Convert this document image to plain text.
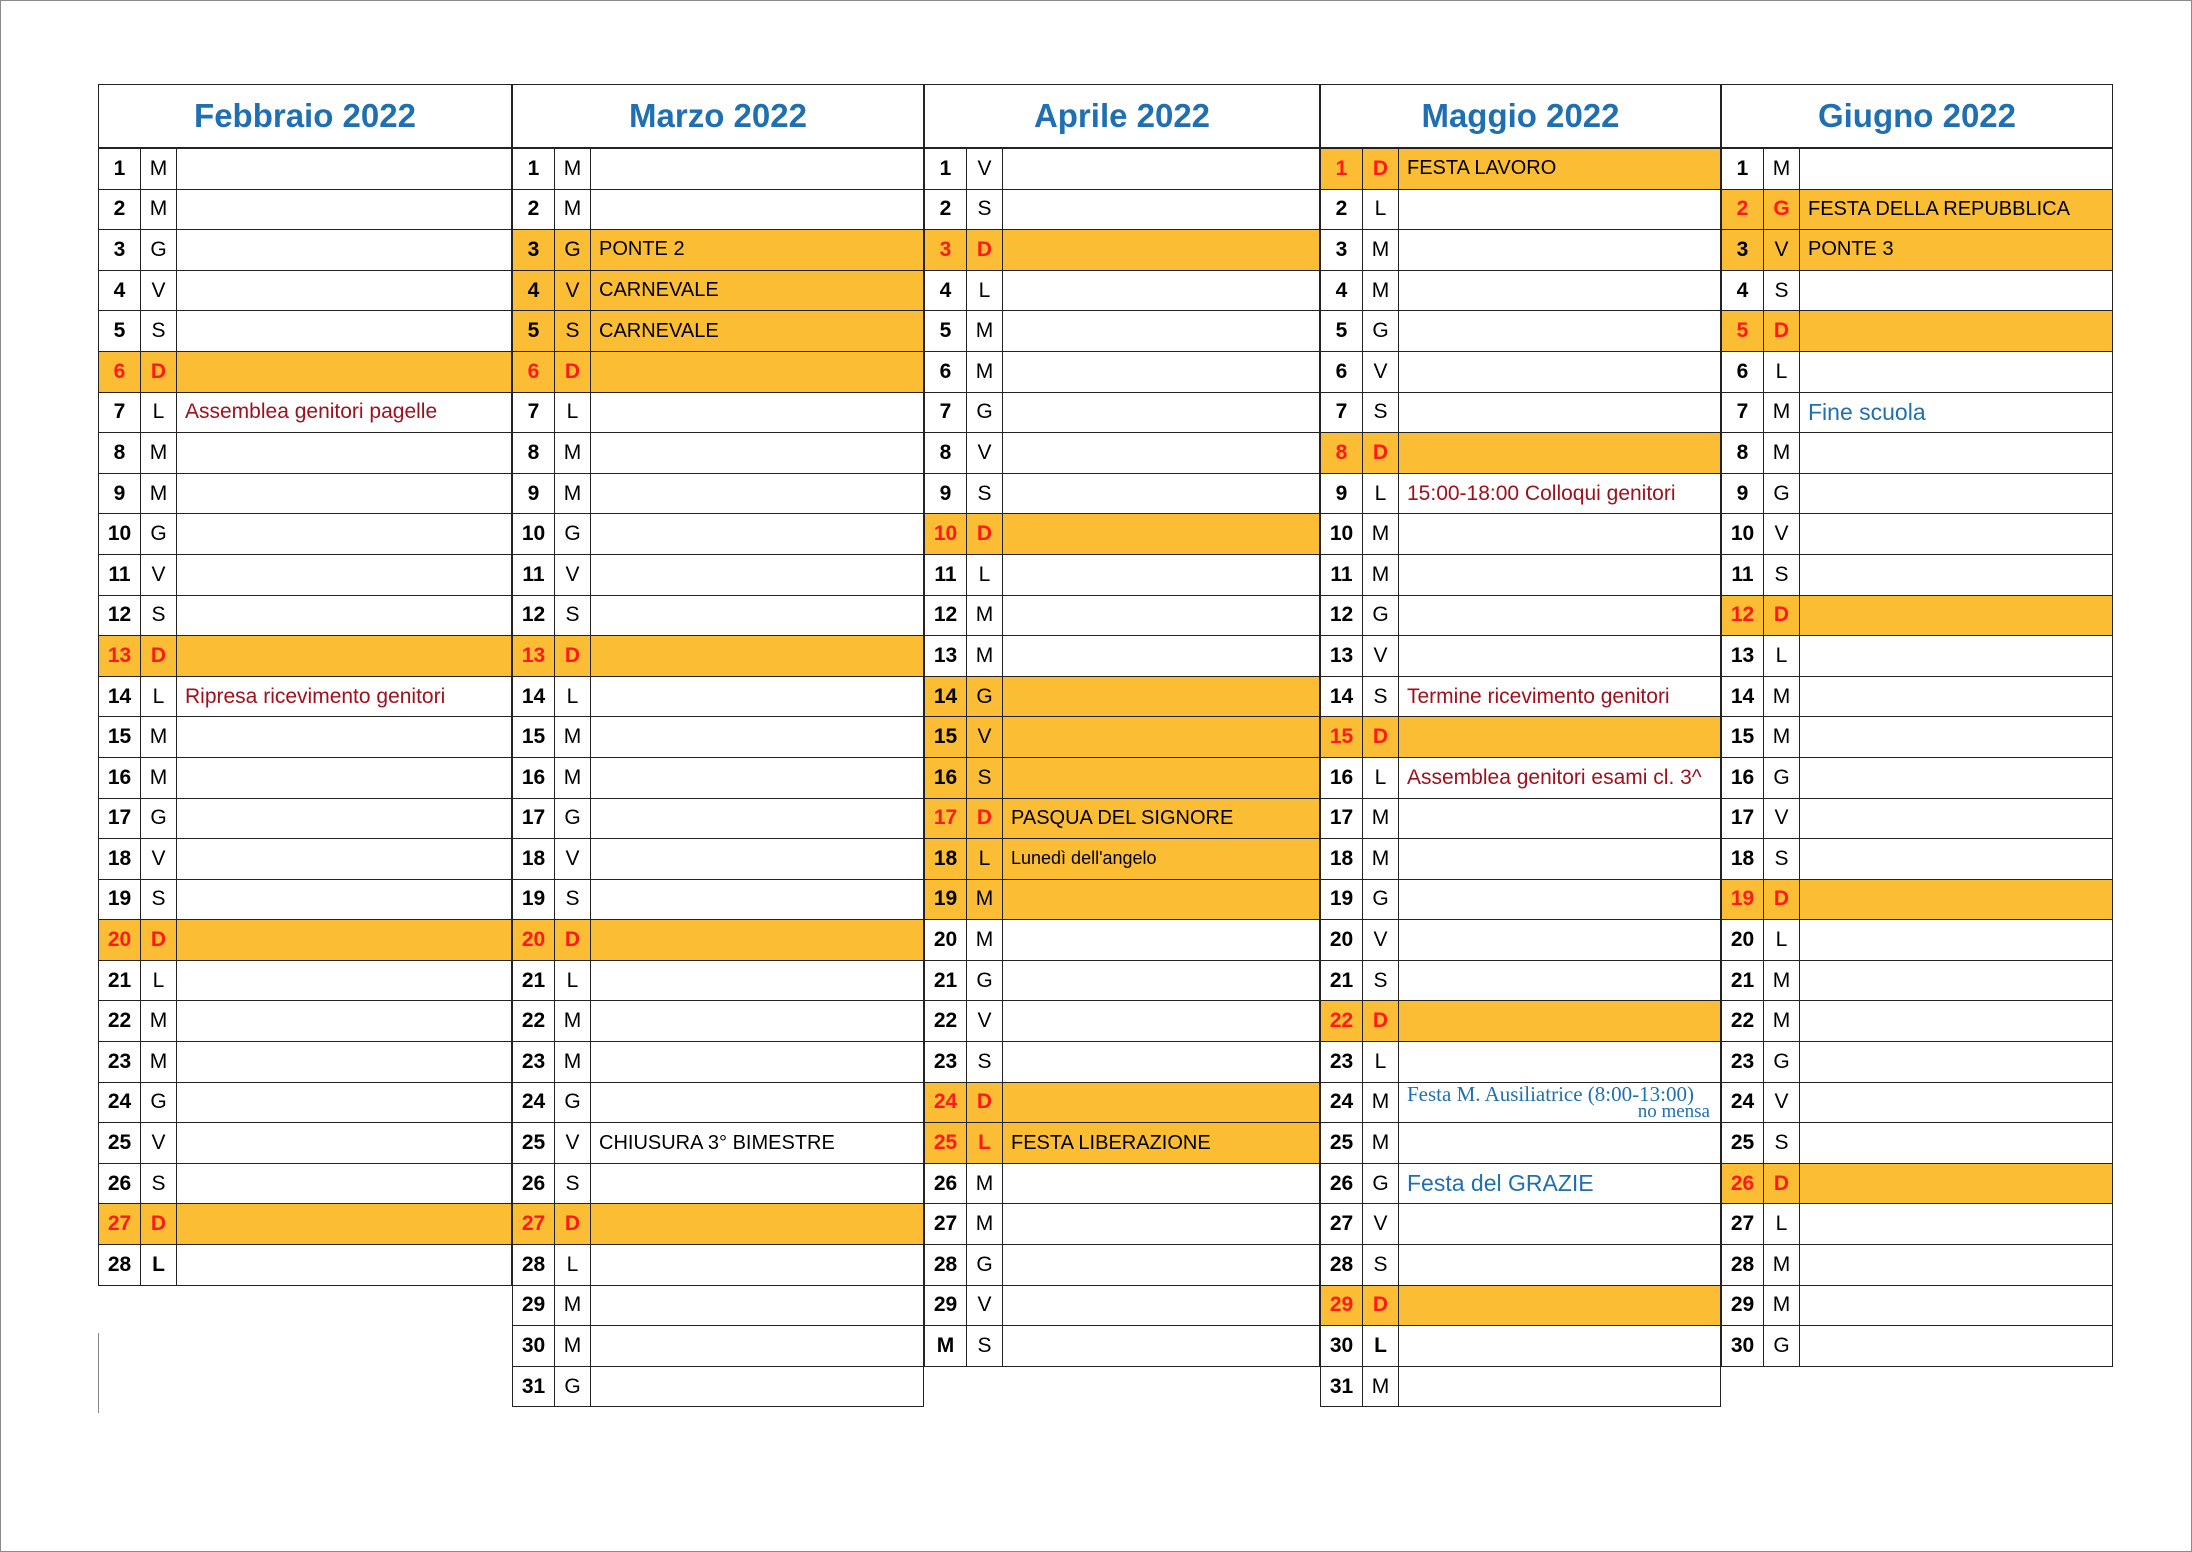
Febbraio 2022
1	M
2	M
3	G
4	V
5	S
6	D
7	L Assemblea genitori pagelle
8	M
9	M
10 G
11 V
12 S
13 D
14	L Ripresa ricevimento genitori
15 M
16 M
17 G
18 V
19 S
20 D
21	L
22 M
23 M
24 G
25 V
26 S
27 D
28 L
Marzo 2022
1	M
2	M
3	G PONTE 2
4	V CARNEVALE
5	S CARNEVALE
6	D
7	L
8	M
9	M
10 G
11 V
12 S
13 D
14	L
15 M
16 M
17 G
18 V
19 S
20 D
21	L
22 M
23 M
24 G
25 V CHIUSURA 3° BIMESTRE
26 S
27 D
28	L
29 M
30 M
31 G
Aprile 2022
1	V
2	S
3	D
4	L
5	M
6	M
7	G
8	V
9	S
10 D
11	L
12 M
13 M
14 G
15 V
16 S
17 D PASQUA DEL SIGNORE
18	L	Lunedì dell'angelo
19 M
20 M
21 G
22 V
23 S
24 D
25 L	FESTA LIBERAZIONE
26 M
27 M
28 G
29 V
M	S
Maggio 2022
1	D FESTA LAVORO
2	L
3	M
4	M
5	G
6	V
7	S
8	D
9	L 15:00-18:00 Colloqui genitori
10 M
11 M
12 G
13 V
14 S Termine ricevimento genitori
15 D
16	L Assemblea genitori esami cl. 3^
17 M
18 M
19 G
20 V
21 S
22 D
23	L
24 M Festa M. Ausiliatrice (8:00-13:00)
no mensa
25 M
26 G Festa del GRAZIE
27 V
28 S
29 D
30 L
31 M
Giugno 2022
1	M
2	G FESTA DELLA REPUBBLICA
3	V PONTE 3
4	S
5	D
6	L
7	M Fine scuola
8	M
9	G
10 V
11 S
12 D
13	L
14 M
15 M
16 G
17 V
18 S
19 D
20	L
21 M
22 M
23 G
24 V
25 S
26 D
27	L
28 M
29 M
30 G
